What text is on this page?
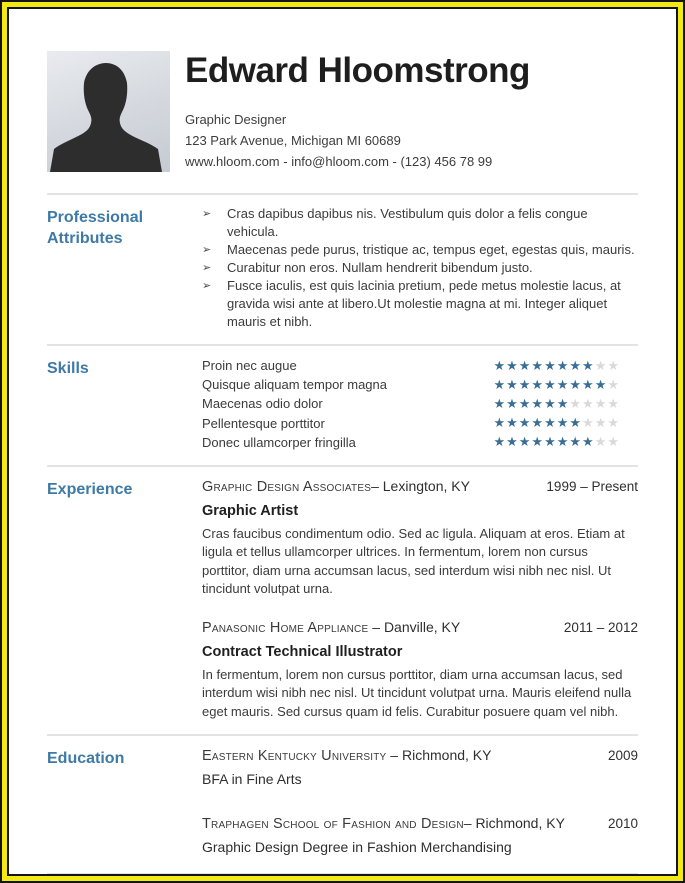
Edward Hloomstrong
Graphic Designer
123 Park Avenue, Michigan MI 60689
www.hloom.com - info@hloom.com - (123) 456 78 99
Professional Attributes
➢	Cras dapibus dapibus nis. Vestibulum quis dolor a felis congue vehicula.
➢	Maecenas pede purus, tristique ac, tempus eget, egestas quis, mauris.
➢	Curabitur non eros. Nullam hendrerit bibendum justo.
➢	Fusce iaculis, est quis lacinia pretium, pede metus molestie lacus, at gravida wisi ante at libero.Ut molestie magna at mi. Integer aliquet mauris et nibh.
Skills	Proin nec augue	★★★★★★★★★★
Quisque aliquam tempor magna	★★★★★★★★★★
Maecenas odio dolor	★★★★★★★★★★
Pellentesque porttitor	★★★★★★★★★★
Donec ullamcorper fringilla	★★★★★★★★★★
Experience	Graphic Design Associates– Lexington, KY	1999 – Present
Graphic Artist
Cras faucibus condimentum odio. Sed ac ligula. Aliquam at eros. Etiam at ligula et tellus ullamcorper ultrices. In fermentum, lorem non cursus porttitor, diam urna accumsan lacus, sed interdum wisi nibh nec nisl. Ut tincidunt volutpat urna.
Panasonic Home Appliance – Danville, KY	2011 – 2012
Contract Technical Illustrator
In fermentum, lorem non cursus porttitor, diam urna accumsan lacus, sed interdum wisi nibh nec nisl. Ut tincidunt volutpat urna. Mauris eleifend nulla eget mauris. Sed cursus quam id felis. Curabitur posuere quam vel nibh.
Education	Eastern Kentucky University – Richmond, KY	2009
BFA in Fine Arts
Traphagen School of Fashion and Design– Richmond, KY	2010
Graphic Design Degree in Fashion Merchandising
